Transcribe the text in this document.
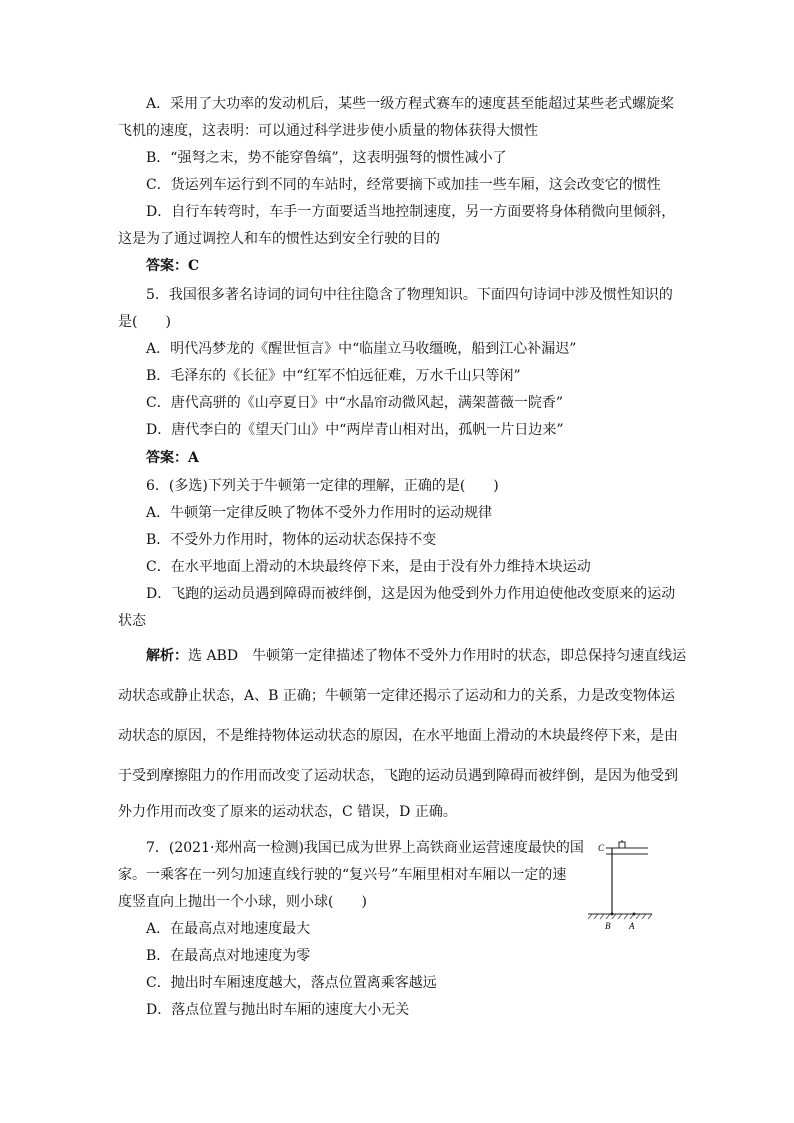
A．采用了大功率的发动机后，某些一级方程式赛车的速度甚至能超过某些老式螺旋桨
飞机的速度，这表明：可以通过科学进步使小质量的物体获得大惯性
B．“强弩之末，势不能穿鲁缟”，这表明强弩的惯性减小了
C．货运列车运行到不同的车站时，经常要摘下或加挂一些车厢，这会改变它的惯性
D．自行车转弯时，车手一方面要适当地控制速度，另一方面要将身体稍微向里倾斜，
这是为了通过调控人和车的惯性达到安全行驶的目的
答案：C
5．我国很多著名诗词的词句中往往隐含了物理知识。下面四句诗词中涉及惯性知识的
是(　　)
A．明代冯梦龙的《醒世恒言》中“临崖立马收缰晚，船到江心补漏迟”
B．毛泽东的《长征》中“红军不怕远征难，万水千山只等闲”
C．唐代高骈的《山亭夏日》中“水晶帘动微风起，满架蔷薇一院香”
D．唐代李白的《望天门山》中“两岸青山相对出，孤帆一片日边来”
答案：A
6．(多选)下列关于牛顿第一定律的理解，正确的是(　　)
A．牛顿第一定律反映了物体不受外力作用时的运动规律
B．不受外力作用时，物体的运动状态保持不变
C．在水平地面上滑动的木块最终停下来，是由于没有外力维持木块运动
D．飞跑的运动员遇到障碍而被绊倒，这是因为他受到外力作用迫使他改变原来的运动
状态
解析：选 ABD　牛顿第一定律描述了物体不受外力作用时的状态，即总保持匀速直线运
动状态或静止状态，A、B 正确；牛顿第一定律还揭示了运动和力的关系，力是改变物体运
动状态的原因，不是维持物体运动状态的原因，在水平地面上滑动的木块最终停下来，是由
于受到摩擦阻力的作用而改变了运动状态，飞跑的运动员遇到障碍而被绊倒，是因为他受到
外力作用而改变了原来的运动状态，C 错误，D 正确。
7．(2021·郑州高一检测)我国已成为世界上高铁商业运营速度最快的国
家。一乘客在一列匀加速直线行驶的“复兴号”车厢里相对车厢以一定的速
度竖直向上抛出一个小球，则小球(　　)
A．在最高点对地速度最大
B．在最高点对地速度为零
C．抛出时车厢速度越大，落点位置离乘客越远
D．落点位置与抛出时车厢的速度大小无关
C
B A
